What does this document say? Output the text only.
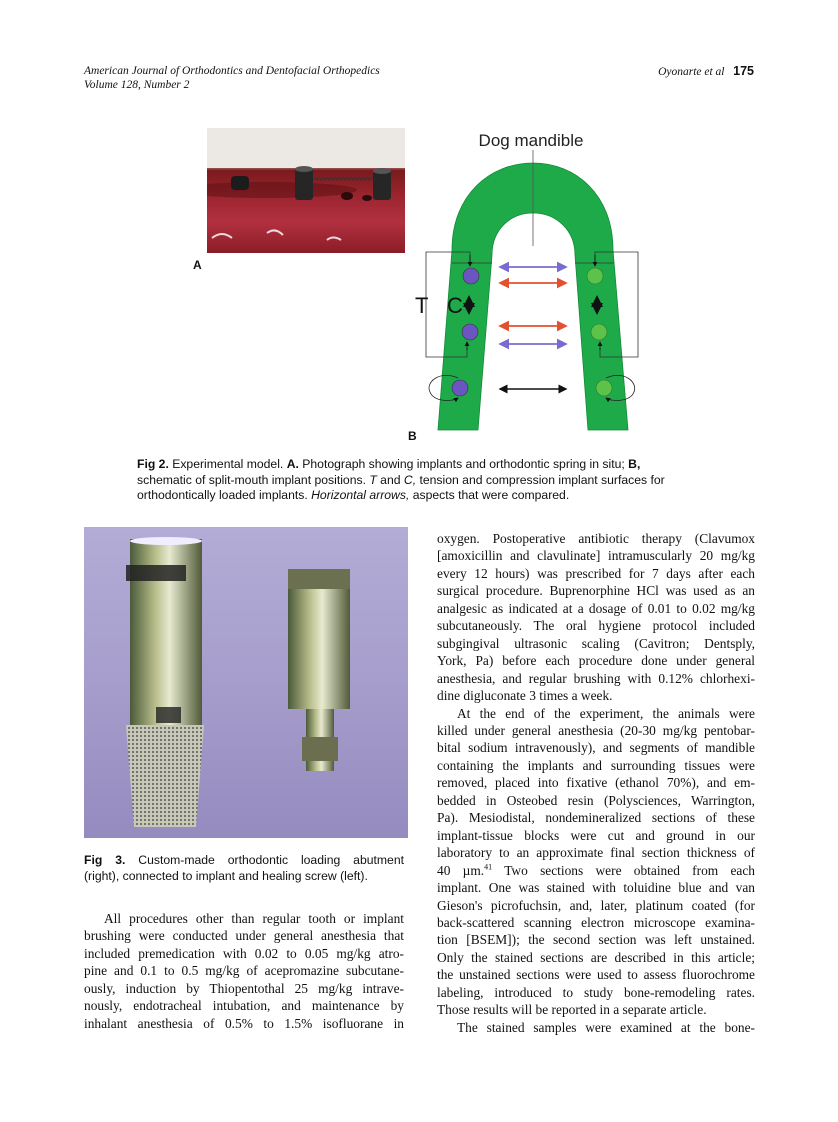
American Journal of Orthodontics and Dentofacial Orthopedics
Volume 128, Number 2
Oyonarte et al 175
A
Dog mandible
T C
B
Fig 2. Experimental model. A. Photograph showing implants and orthodontic spring in situ; B,
schematic of split-mouth implant positions. T and C, tension and compression implant surfaces for
orthodontically loaded implants. Horizontal arrows, aspects that were compared.
Fig 3. Custom-made orthodontic loading abutment
(right), connected to implant and healing screw (left).
All procedures other than regular tooth or implant
brushing were conducted under general anesthesia that
included premedication with 0.02 to 0.05 mg/kg atro-
pine and 0.1 to 0.5 mg/kg of acepromazine subcutane-
ously, induction by Thiopentothal 25 mg/kg intrave-
nously, endotracheal intubation, and maintenance by
inhalant anesthesia of 0.5% to 1.5% isofluorane in
oxygen. Postoperative antibiotic therapy (Clavumox
[amoxicillin and clavulinate] intramuscularly 20 mg/kg
every 12 hours) was prescribed for 7 days after each
surgical procedure. Buprenorphine HCl was used as an
analgesic as indicated at a dosage of 0.01 to 0.02 mg/kg
subcutaneously. The oral hygiene protocol included
subgingival ultrasonic scaling (Cavitron; Dentsply,
York, Pa) before each procedure done under general
anesthesia, and regular brushing with 0.12% chlorhexi-
dine digluconate 3 times a week.
At the end of the experiment, the animals were
killed under general anesthesia (20-30 mg/kg pentobar-
bital sodium intravenously), and segments of mandible
containing the implants and surrounding tissues were
removed, placed into fixative (ethanol 70%), and em-
bedded in Osteobed resin (Polysciences, Warrington,
Pa). Mesiodistal, nondemineralized sections of these
implant-tissue blocks were cut and ground in our
laboratory to an approximate final section thickness of
40 µm.$^{41}$ Two sections were obtained from each
implant. One was stained with toluidine blue and van
Gieson's picrofuchsin, and, later, platinum coated (for
back-scattered scanning electron microscope examina-
tion [BSEM]); the second section was left unstained.
Only the stained sections are described in this article;
the unstained sections were used to assess fluorochrome
labeling, introduced to study bone-remodeling rates.
Those results will be reported in a separate article.
The stained samples were examined at the bone-
